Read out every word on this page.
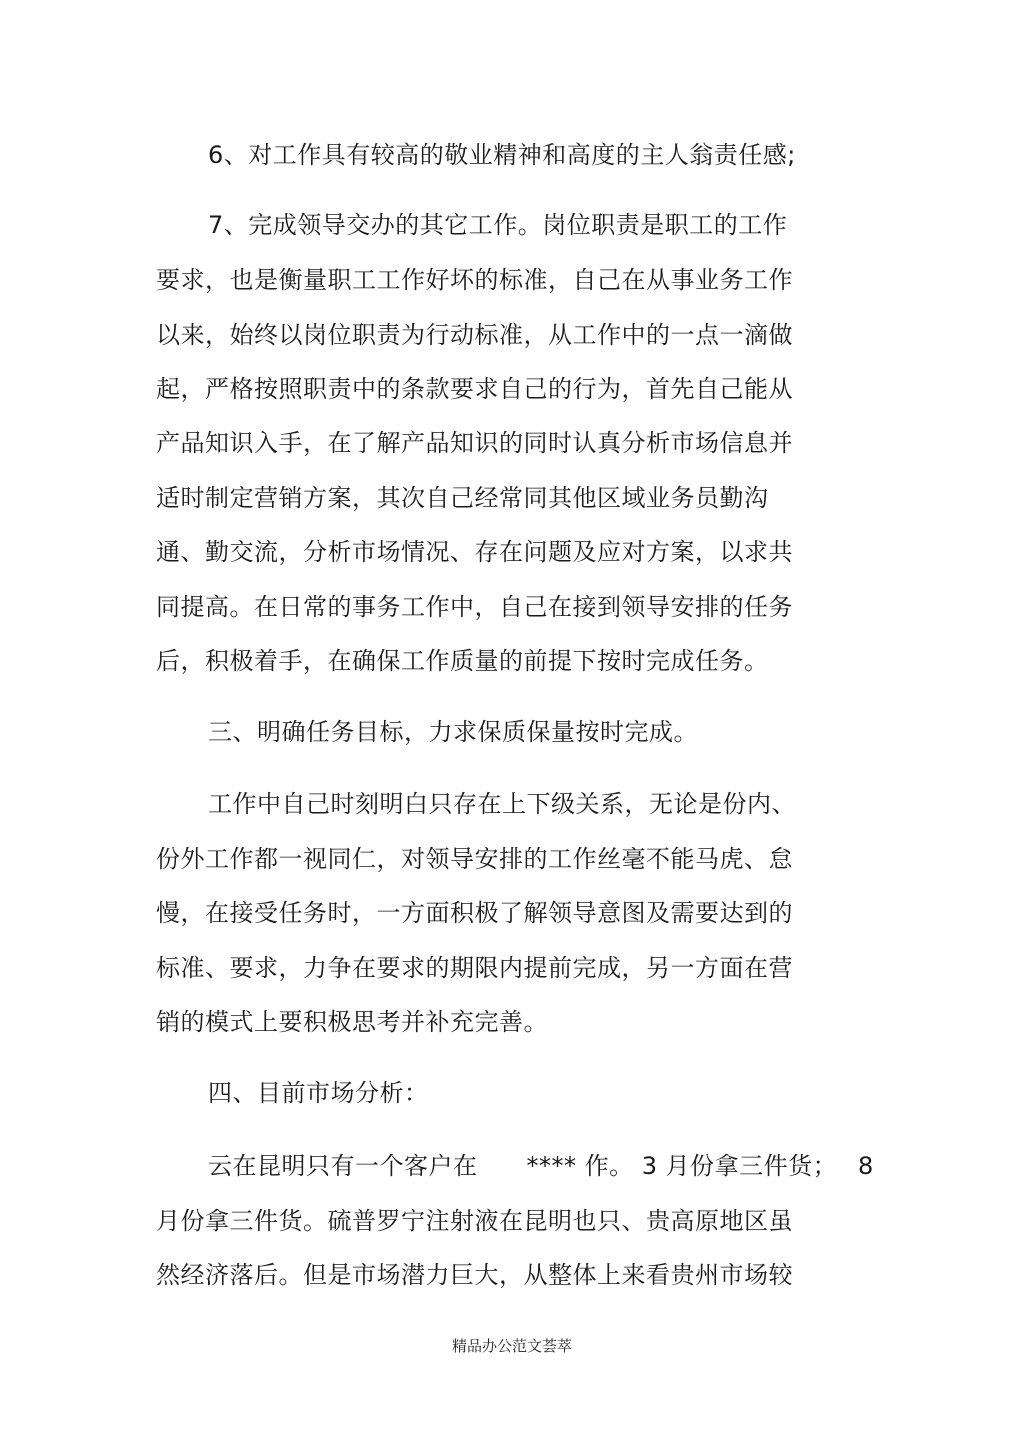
6、对工作具有较高的敬业精神和高度的主人翁责任感;
7、完成领导交办的其它工作。岗位职责是职工的工作
要求，也是衡量职工工作好坏的标准，自己在从事业务工作
以来，始终以岗位职责为行动标准，从工作中的一点一滴做
起，严格按照职责中的条款要求自己的行为，首先自己能从
产品知识入手，在了解产品知识的同时认真分析市场信息并
适时制定营销方案，其次自己经常同其他区域业务员勤沟
通、勤交流，分析市场情况、存在问题及应对方案，以求共
同提高。在日常的事务工作中，自己在接到领导安排的任务
后，积极着手，在确保工作质量的前提下按时完成任务。
三、明确任务目标，力求保质保量按时完成。
工作中自己时刻明白只存在上下级关系，无论是份内、
份外工作都一视同仁，对领导安排的工作丝毫不能马虎、怠
慢，在接受任务时，一方面积极了解领导意图及需要达到的
标准、要求，力争在要求的期限内提前完成，另一方面在营
销的模式上要积极思考并补充完善。
四、目前市场分析：
云在昆明只有一个客户在　　**** 作。 3 月份拿三件货； 8
月份拿三件货。硫普罗宁注射液在昆明也只、贵高原地区虽
然经济落后。但是市场潜力巨大，从整体上来看贵州市场较
精品办公范文荟萃
